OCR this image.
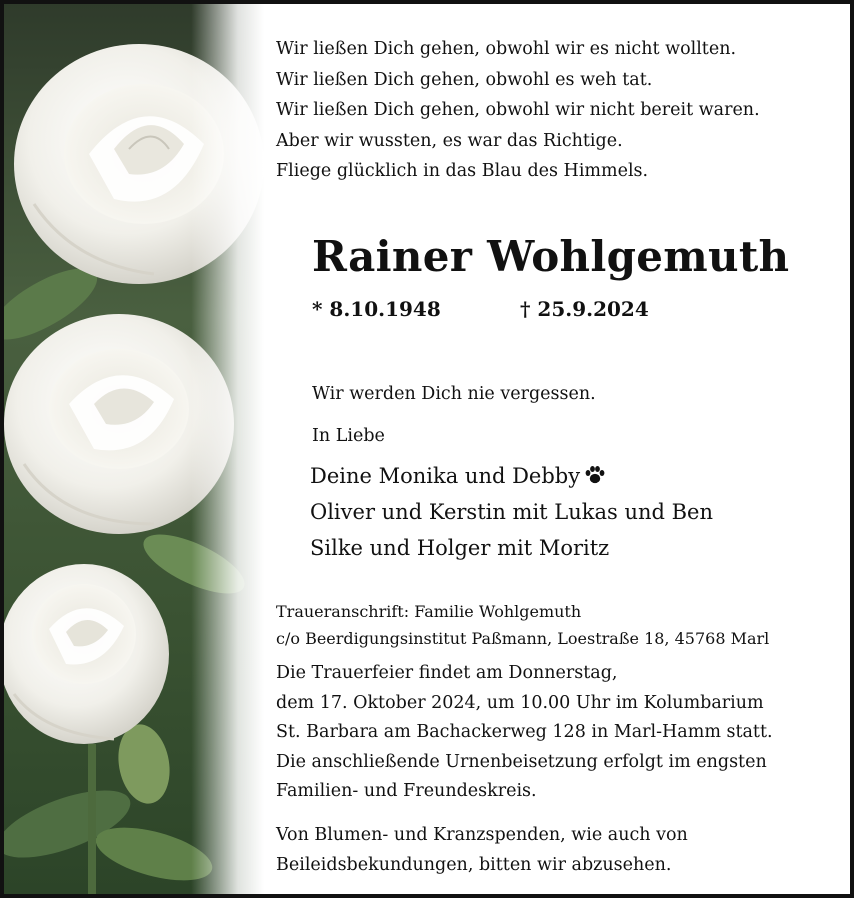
Wir ließen Dich gehen, obwohl wir es nicht wollten.
Wir ließen Dich gehen, obwohl es weh tat.
Wir ließen Dich gehen, obwohl wir nicht bereit waren.
Aber wir wussten, es war das Richtige.
Fliege glücklich in das Blau des Himmels.
Rainer Wohlgemuth
* 8.10.1948	† 25.9.2024
Wir werden Dich nie vergessen.
In Liebe
Deine Monika und Debby
Oliver und Kerstin mit Lukas und Ben
Silke und Holger mit Moritz
Traueranschrift: Familie Wohlgemuth
c/o Beerdigungsinstitut Paßmann, Loestraße 18, 45768 Marl
Die Trauerfeier findet am Donnerstag,
dem 17. Oktober 2024, um 10.00 Uhr im Kolumbarium
St. Barbara am Bachackerweg 128 in Marl-Hamm statt.
Die anschließende Urnenbeisetzung erfolgt im engsten
Familien- und Freundeskreis.
Von Blumen- und Kranzspenden, wie auch von
Beileidsbekundungen, bitten wir abzusehen.
